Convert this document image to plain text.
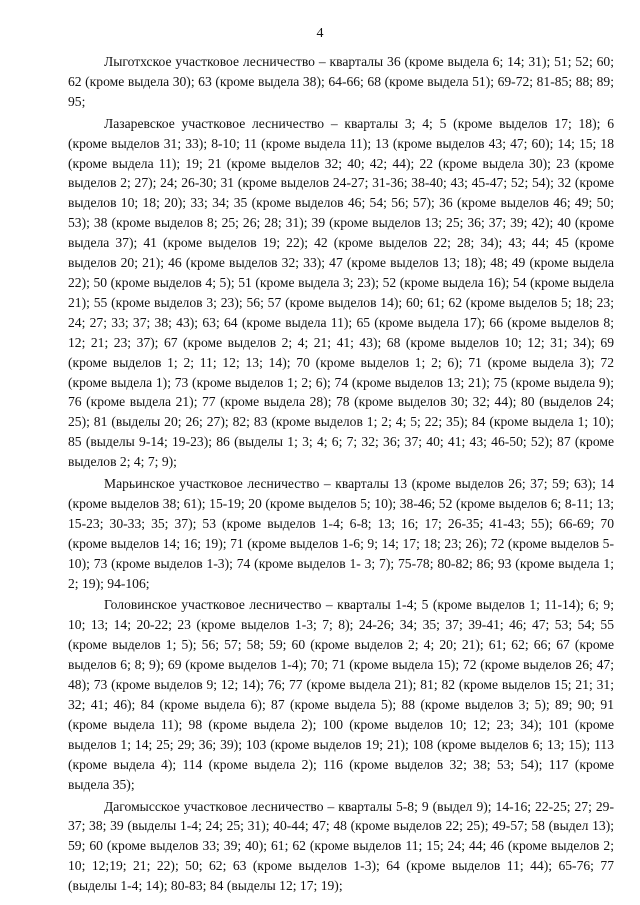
4

Лыготхское участковое лесничество – кварталы 36 (кроме выдела 6; 14; 31); 51; 52; 60; 62 (кроме выдела 30); 63 (кроме выдела 38); 64-66; 68 (кроме выдела 51); 69-72; 81-85; 88; 89; 95;

Лазаревское участковое лесничество – кварталы 3; 4; 5 (кроме выделов 17; 18); 6 (кроме выделов 31; 33); 8-10; 11 (кроме выдела 11); 13 (кроме выделов 43; 47; 60); 14; 15; 18 (кроме выдела 11); 19; 21 (кроме выделов 32; 40; 42; 44); 22 (кроме выдела 30); 23 (кроме выделов 2; 27); 24; 26-30; 31 (кроме выделов 24-27; 31-36; 38-40; 43; 45-47; 52; 54); 32 (кроме выделов 10; 18; 20); 33; 34; 35 (кроме выделов 46; 54; 56; 57); 36 (кроме выделов 46; 49; 50; 53); 38 (кроме выделов 8; 25; 26; 28; 31); 39 (кроме выделов 13; 25; 36; 37; 39; 42); 40 (кроме выдела 37); 41 (кроме выделов 19; 22); 42 (кроме выделов 22; 28; 34); 43; 44; 45 (кроме выделов 20; 21); 46 (кроме выделов 32; 33); 47 (кроме выделов 13; 18); 48; 49 (кроме выдела 22); 50 (кроме выделов 4; 5); 51 (кроме выдела 3; 23); 52 (кроме выдела 16); 54 (кроме выдела 21); 55 (кроме выделов 3; 23); 56; 57 (кроме выделов 14); 60; 61; 62 (кроме выделов 5; 18; 23; 24; 27; 33; 37; 38; 43); 63; 64 (кроме выдела 11); 65 (кроме выдела 17); 66 (кроме выделов 8; 12; 21; 23; 37); 67 (кроме выделов 2; 4; 21; 41; 43); 68 (кроме выделов 10; 12; 31; 34); 69 (кроме выделов 1; 2; 11; 12; 13; 14); 70 (кроме выделов 1; 2; 6); 71 (кроме выдела 3); 72 (кроме выдела 1); 73 (кроме выделов 1; 2; 6); 74 (кроме выделов 13; 21); 75 (кроме выдела 9); 76 (кроме выдела 21); 77 (кроме выдела 28); 78 (кроме выделов 30; 32; 44); 80 (выделов 24; 25); 81 (выделы 20; 26; 27); 82; 83 (кроме выделов 1; 2; 4; 5; 22; 35); 84 (кроме выдела 1; 10); 85 (выделы 9-14; 19-23); 86 (выделы 1; 3; 4; 6; 7; 32; 36; 37; 40; 41; 43; 46-50; 52); 87 (кроме выделов 2; 4; 7; 9);

Марьинское участковое лесничество – кварталы 13 (кроме выделов 26; 37; 59; 63); 14 (кроме выделов 38; 61); 15-19; 20 (кроме выделов 5; 10); 38-46; 52 (кроме выделов 6; 8-11; 13; 15-23; 30-33; 35; 37); 53 (кроме выделов 1-4; 6-8; 13; 16; 17; 26-35; 41-43; 55); 66-69; 70 (кроме выделов 14; 16; 19); 71 (кроме выделов 1-6; 9; 14; 17; 18; 23; 26); 72 (кроме выделов 5-10); 73 (кроме выделов 1-3); 74 (кроме выделов 1- 3; 7); 75-78; 80-82; 86; 93 (кроме выдела 1; 2; 19); 94-106;

Головинское участковое лесничество – кварталы 1-4; 5 (кроме выделов 1; 11-14); 6; 9; 10; 13; 14; 20-22; 23 (кроме выделов 1-3; 7; 8); 24-26; 34; 35; 37; 39-41; 46; 47; 53; 54; 55 (кроме выделов 1; 5); 56; 57; 58; 59; 60 (кроме выделов 2; 4; 20; 21); 61; 62; 66; 67 (кроме выделов 6; 8; 9); 69 (кроме выделов 1-4); 70; 71 (кроме выдела 15); 72 (кроме выделов 26; 47; 48); 73 (кроме выделов 9; 12; 14); 76; 77 (кроме выдела 21); 81; 82 (кроме выделов 15; 21; 31; 32; 41; 46); 84 (кроме выдела 6); 87 (кроме выдела 5); 88 (кроме выделов 3; 5); 89; 90; 91 (кроме выдела 11); 98 (кроме выдела 2); 100 (кроме выделов 10; 12; 23; 34); 101 (кроме выделов 1; 14; 25; 29; 36; 39); 103 (кроме выделов 19; 21); 108 (кроме выделов 6; 13; 15); 113 (кроме выдела 4); 114 (кроме выдела 2); 116 (кроме выделов 32; 38; 53; 54); 117 (кроме выдела 35);

Дагомысское участковое лесничество – кварталы 5-8; 9 (выдел 9); 14-16; 22-25; 27; 29-37; 38; 39 (выделы 1-4; 24; 25; 31); 40-44; 47; 48 (кроме выделов 22; 25); 49-57; 58 (выдел 13); 59; 60 (кроме выделов 33; 39; 40); 61; 62 (кроме выделов 11; 15; 24; 44; 46 (кроме выделов 2; 10; 12;19; 21; 22); 50; 62; 63 (кроме выделов 1-3); 64 (кроме выделов 11; 44); 65-76; 77 (выделы 1-4; 14); 80-83; 84 (выделы 12; 17; 19);
